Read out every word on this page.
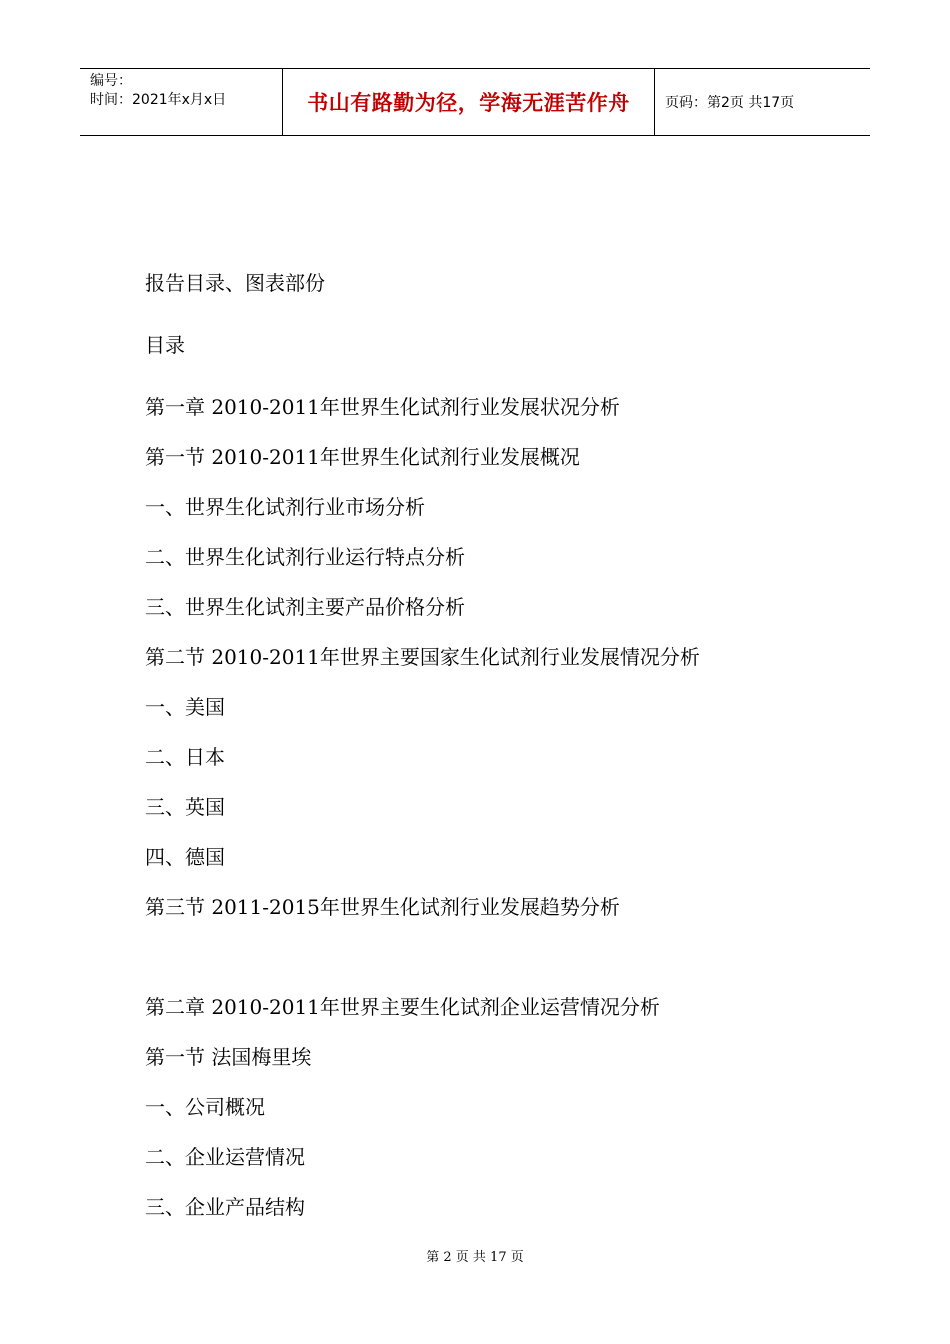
编号：
时间：2021年x月x日	书山有路勤为径，学海无涯苦作舟	页码：第2页 共17页
报告目录、图表部份
目录
第一章 2010-2011年世界生化试剂行业发展状况分析
第一节 2010-2011年世界生化试剂行业发展概况
一、世界生化试剂行业市场分析
二、世界生化试剂行业运行特点分析
三、世界生化试剂主要产品价格分析
第二节 2010-2011年世界主要国家生化试剂行业发展情况分析
一、美国
二、日本
三、英国
四、德国
第三节 2011-2015年世界生化试剂行业发展趋势分析
第二章 2010-2011年世界主要生化试剂企业运营情况分析
第一节 法国梅里埃
一、公司概况
二、企业运营情况
三、企业产品结构
第 2 页 共 17 页
